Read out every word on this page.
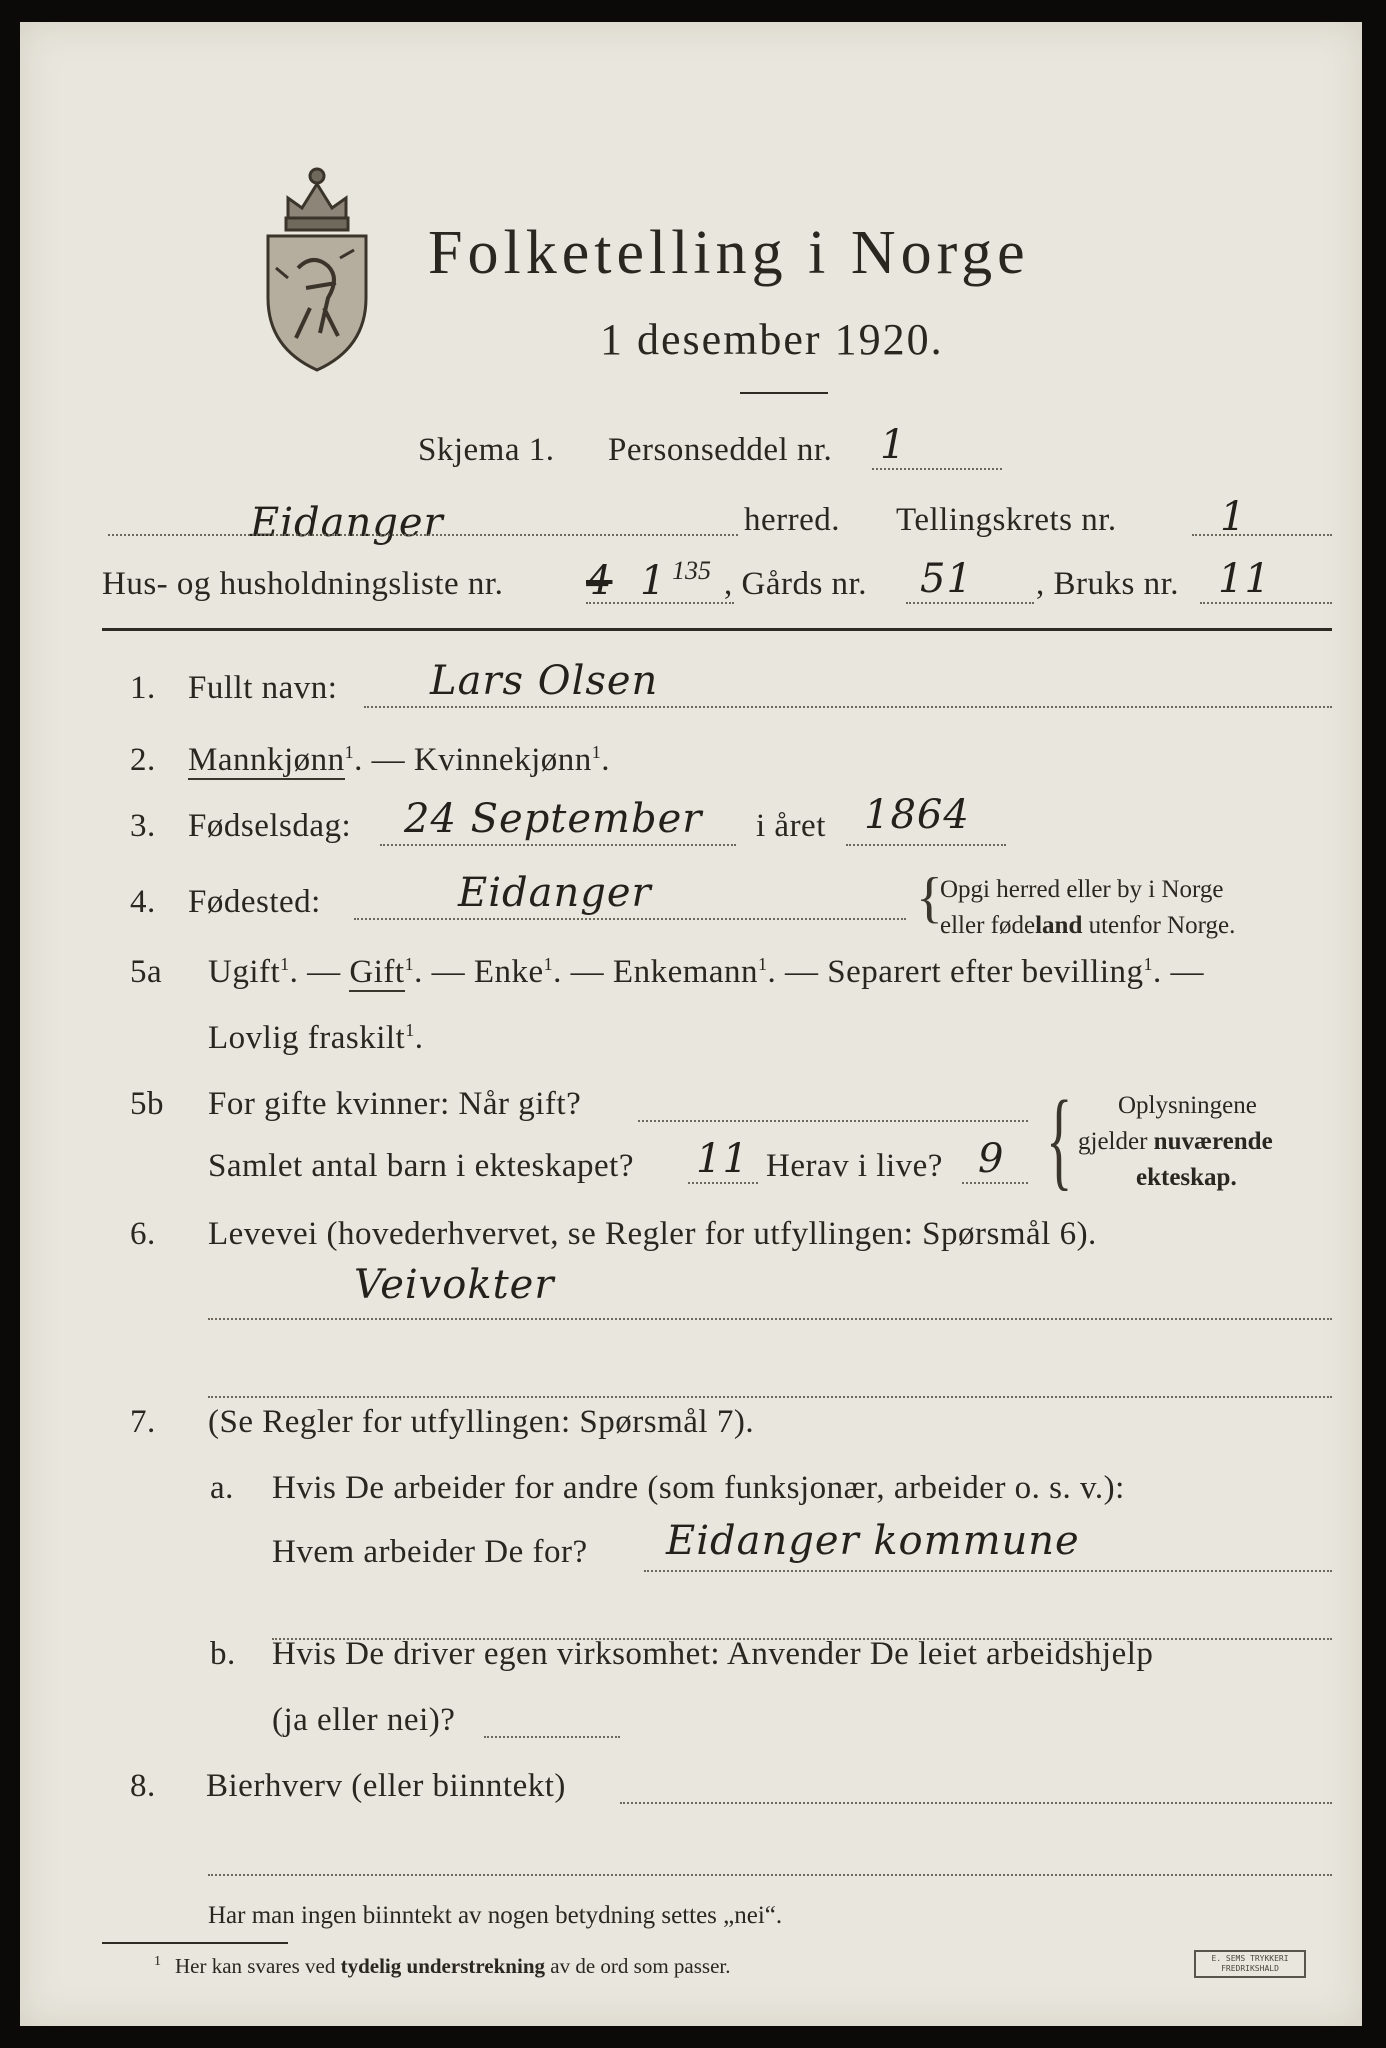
Folketelling i Norge
1 desember 1920.
Skjema 1. Personseddel nr. 1
Eidanger	herred. Tellingskrets nr.	1
Hus- og husholdningsliste nr. 4 1 135 , Gårds nr. 51 , Bruks nr. 11
1. Fullt navn: Lars Olsen
2. Mannkjønn$^1$. — Kvinnekjønn$^1$.
3. Fødselsdag: 24 September i året 1864
4. Fødested:	Eidanger	{
Opgi herred eller by i Norge
eller fødeland utenfor Norge.
5a Ugift$^1$. — Gift$^1$. — Enke$^1$. — Enkemann$^1$. — Separert efter bevilling$^1$. —
Lovlig fraskilt$^1$.
5b For gifte kvinner: Når gift?
Samlet antal barn i ekteskapet? 11 Herav i live? 9 { Oplysningene
gjelder nuværende
ekteskap.
6. Levevei (hovederhvervet, se Regler for utfyllingen: Spørsmål 6).
Veivokter
7. (Se Regler for utfyllingen: Spørsmål 7).
a. Hvis De arbeider for andre (som funksjonær, arbeider o. s. v.):
Hvem arbeider De for? Eidanger kommune
b. Hvis De driver egen virksomhet: Anvender De leiet arbeidshjelp
(ja eller nei)?
8. Bierhverv (eller biinntekt)
Har man ingen biinntekt av nogen betydning settes „nei“.
$^1$ Her kan svares ved tydelig understrekning av de ord som passer.	E. SEMS TRYKKERI
FREDRIKSHALD
